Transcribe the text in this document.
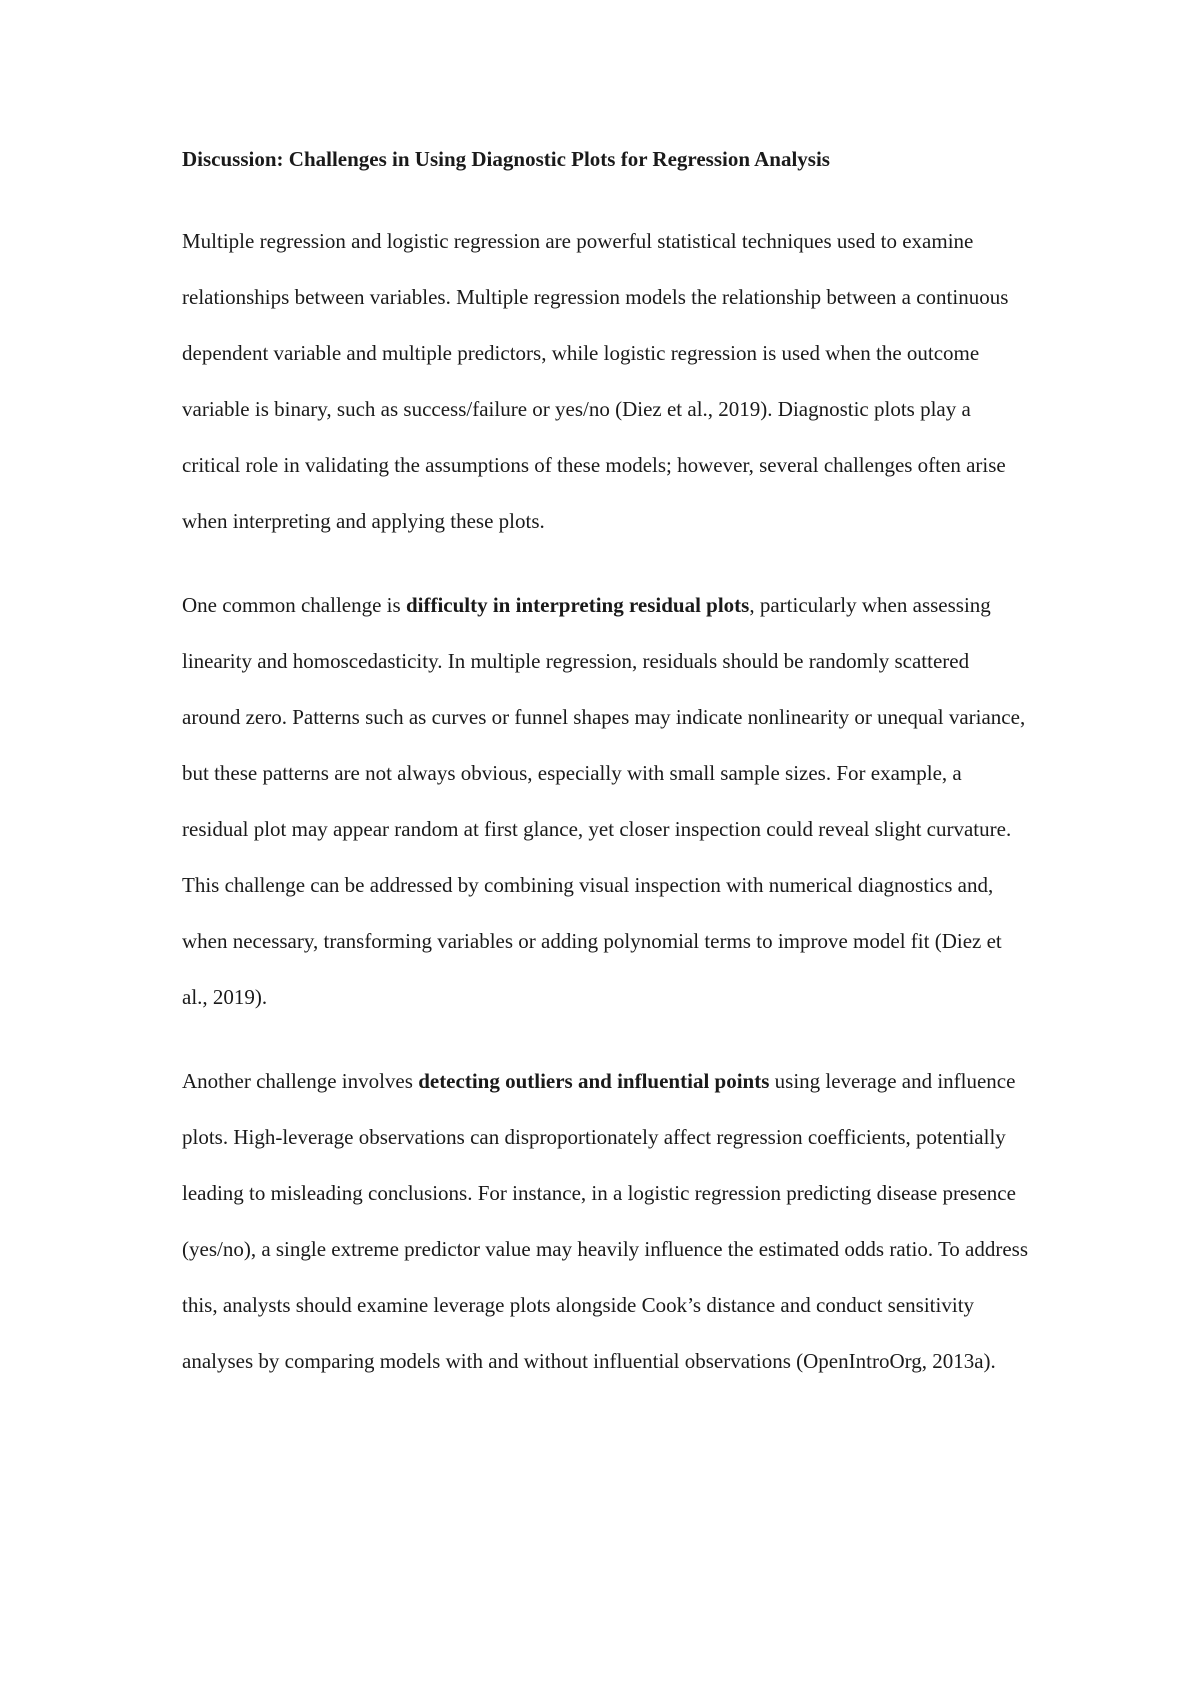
Discussion: Challenges in Using Diagnostic Plots for Regression Analysis

Multiple regression and logistic regression are powerful statistical techniques used to examine relationships between variables. Multiple regression models the relationship between a continuous dependent variable and multiple predictors, while logistic regression is used when the outcome variable is binary, such as success/failure or yes/no (Diez et al., 2019). Diagnostic plots play a critical role in validating the assumptions of these models; however, several challenges often arise when interpreting and applying these plots.

One common challenge is difficulty in interpreting residual plots, particularly when assessing linearity and homoscedasticity. In multiple regression, residuals should be randomly scattered around zero. Patterns such as curves or funnel shapes may indicate nonlinearity or unequal variance, but these patterns are not always obvious, especially with small sample sizes. For example, a residual plot may appear random at first glance, yet closer inspection could reveal slight curvature. This challenge can be addressed by combining visual inspection with numerical diagnostics and, when necessary, transforming variables or adding polynomial terms to improve model fit (Diez et al., 2019).

Another challenge involves detecting outliers and influential points using leverage and influence plots. High-leverage observations can disproportionately affect regression coefficients, potentially leading to misleading conclusions. For instance, in a logistic regression predicting disease presence (yes/no), a single extreme predictor value may heavily influence the estimated odds ratio. To address this, analysts should examine leverage plots alongside Cook’s distance and conduct sensitivity analyses by comparing models with and without influential observations (OpenIntroOrg, 2013a).
